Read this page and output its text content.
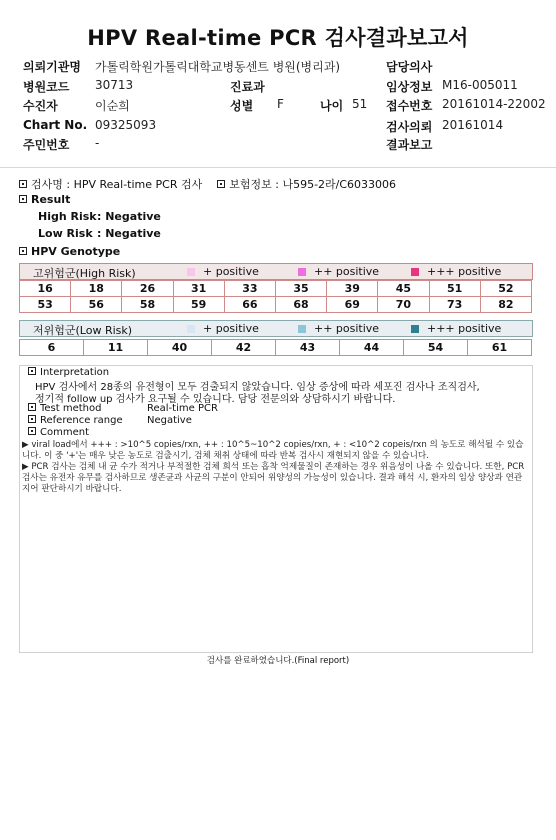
HPV Real-time PCR 검사결과보고서
의뢰기관명 가톨릭학원가톨릭대학교병동센트 병원(병리과)	담당의사
병원코드 30713	진료과	임상정보 M16-005011
수진자	이순희	성별 F	나이 51 접수번호 20161014-22002
Chart No. 09325093	검사의뢰 20161014
주민번호 -	결과보고
검사명 : HPV Real-time PCR 검사 보험정보 : 나595-2라/C6033006
Result
High Risk : Negative
Low Risk : Negative
HPV Genotype
고위험군(High Risk)	+ positive	++ positive	+++ positive
16	18	26	31	33	35	39	45	51	52
53	56	58	59	66	68	69	70	73	82
저위험군(Low Risk)	+ positive	++ positive	+++ positive
6	11	40	42	43	44	54	61
Interpretation
HPV 검사에서 28종의 유전형이 모두 검출되지 않았습니다. 임상 증상에 따라 세포진 검사나 조직검사,
정기적 follow up 검사가 요구될 수 있습니다. 담당 전문의와 상담하시기 바랍니다.
Test method	Real-time PCR
Reference range Negative
Comment
▶ viral load에서 +++ : >10^5 copies/rxn, ++ : 10^5~10^2 copies/rxn, + : <10^2 copeis/rxn 의 농도로 해석될 수 있습니다. 이 중 '+'는 매우 낮은 농도로 검출시기, 검체 채취 상태에 따라 반복 검사시 재현되지 않을 수 있습니다.
▶ PCR 검사는 검체 내 균 수가 적거나 부적절한 검체 희석 또는 흡착 억제물질이 존재하는 경우 위음성이 나올 수 있습니다. 또한, PCR 검사는 유전자 유무를 검사하므로 생존균과 사균의 구분이 안되어 위양성의 가능성이 있습니다. 결과 해석 시, 환자의 임상 양상과 연관지어 판단하시기 바랍니다.
검사를 완료하였습니다.(Final report)
